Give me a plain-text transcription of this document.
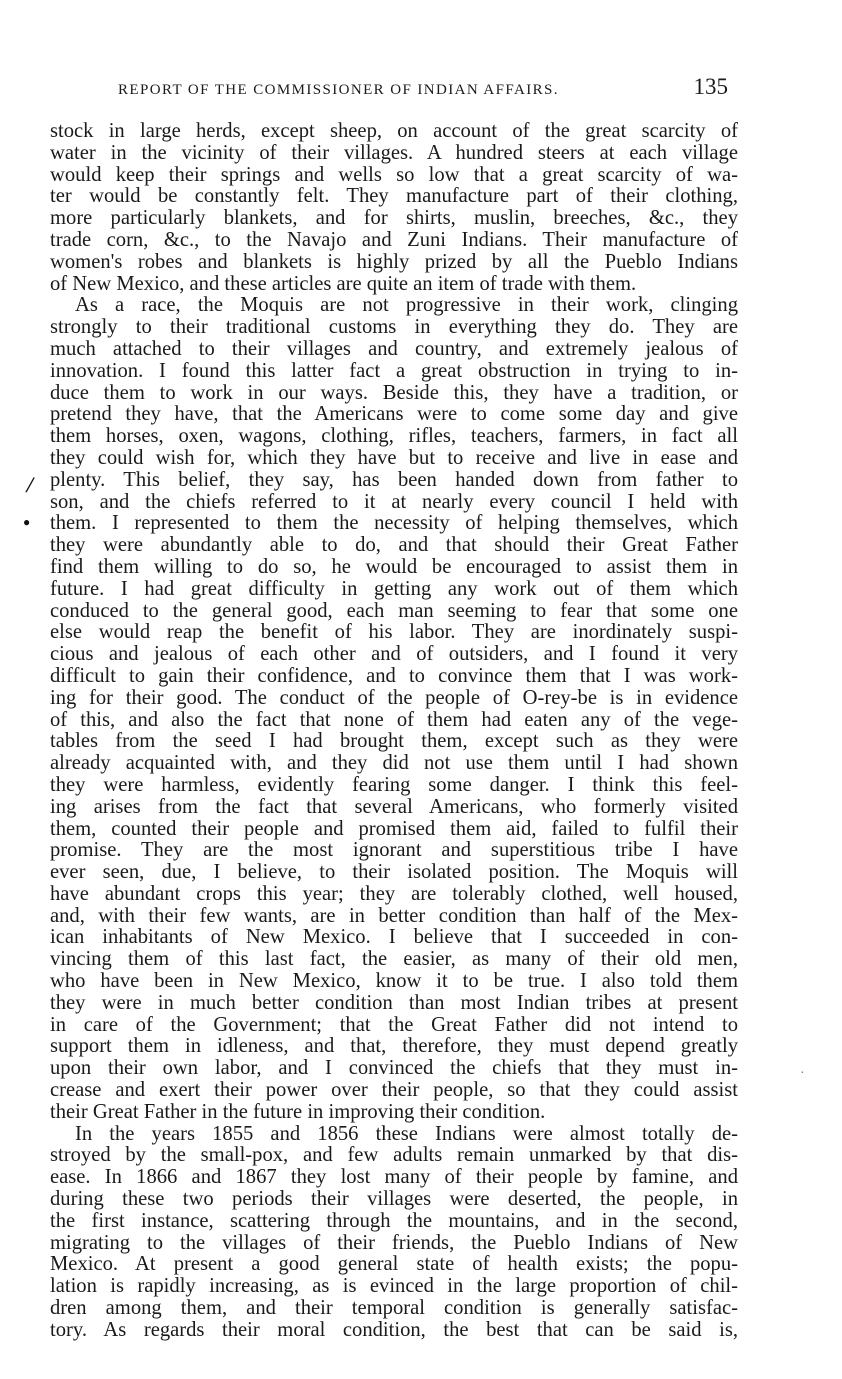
REPORT OF THE COMMISSIONER OF INDIAN AFFAIRS.	135
/
●
·
stock in large herds, except sheep, on account of the great scarcity of
water in the vicinity of their villages. A hundred steers at each village
would keep their springs and wells so low that a great scarcity of wa-
ter would be constantly felt. They manufacture part of their clothing,
more particularly blankets, and for shirts, muslin, breeches, &c., they
trade corn, &c., to the Navajo and Zuni Indians. Their manufacture of
women's robes and blankets is highly prized by all the Pueblo Indians
of New Mexico, and these articles are quite an item of trade with them.
As a race, the Moquis are not progressive in their work, clinging
strongly to their traditional customs in everything they do. They are
much attached to their villages and country, and extremely jealous of
innovation. I found this latter fact a great obstruction in trying to in-
duce them to work in our ways. Beside this, they have a tradition, or
pretend they have, that the Americans were to come some day and give
them horses, oxen, wagons, clothing, rifles, teachers, farmers, in fact all
they could wish for, which they have but to receive and live in ease and
plenty. This belief, they say, has been handed down from father to
son, and the chiefs referred to it at nearly every council I held with
them. I represented to them the necessity of helping themselves, which
they were abundantly able to do, and that should their Great Father
find them willing to do so, he would be encouraged to assist them in
future. I had great difficulty in getting any work out of them which
conduced to the general good, each man seeming to fear that some one
else would reap the benefit of his labor. They are inordinately suspi-
cious and jealous of each other and of outsiders, and I found it very
difficult to gain their confidence, and to convince them that I was work-
ing for their good. The conduct of the people of O-rey-be is in evidence
of this, and also the fact that none of them had eaten any of the vege-
tables from the seed I had brought them, except such as they were
already acquainted with, and they did not use them until I had shown
they were harmless, evidently fearing some danger. I think this feel-
ing arises from the fact that several Americans, who formerly visited
them, counted their people and promised them aid, failed to fulfil their
promise. They are the most ignorant and superstitious tribe I have
ever seen, due, I believe, to their isolated position. The Moquis will
have abundant crops this year; they are tolerably clothed, well housed,
and, with their few wants, are in better condition than half of the Mex-
ican inhabitants of New Mexico. I believe that I succeeded in con-
vincing them of this last fact, the easier, as many of their old men,
who have been in New Mexico, know it to be true. I also told them
they were in much better condition than most Indian tribes at present
in care of the Government; that the Great Father did not intend to
support them in idleness, and that, therefore, they must depend greatly
upon their own labor, and I convinced the chiefs that they must in-
crease and exert their power over their people, so that they could assist
their Great Father in the future in improving their condition.
In the years 1855 and 1856 these Indians were almost totally de-
stroyed by the small-pox, and few adults remain unmarked by that dis-
ease. In 1866 and 1867 they lost many of their people by famine, and
during these two periods their villages were deserted, the people, in
the first instance, scattering through the mountains, and in the second,
migrating to the villages of their friends, the Pueblo Indians of New
Mexico. At present a good general state of health exists; the popu-
lation is rapidly increasing, as is evinced in the large proportion of chil-
dren among them, and their temporal condition is generally satisfac-
tory. As regards their moral condition, the best that can be said is,
